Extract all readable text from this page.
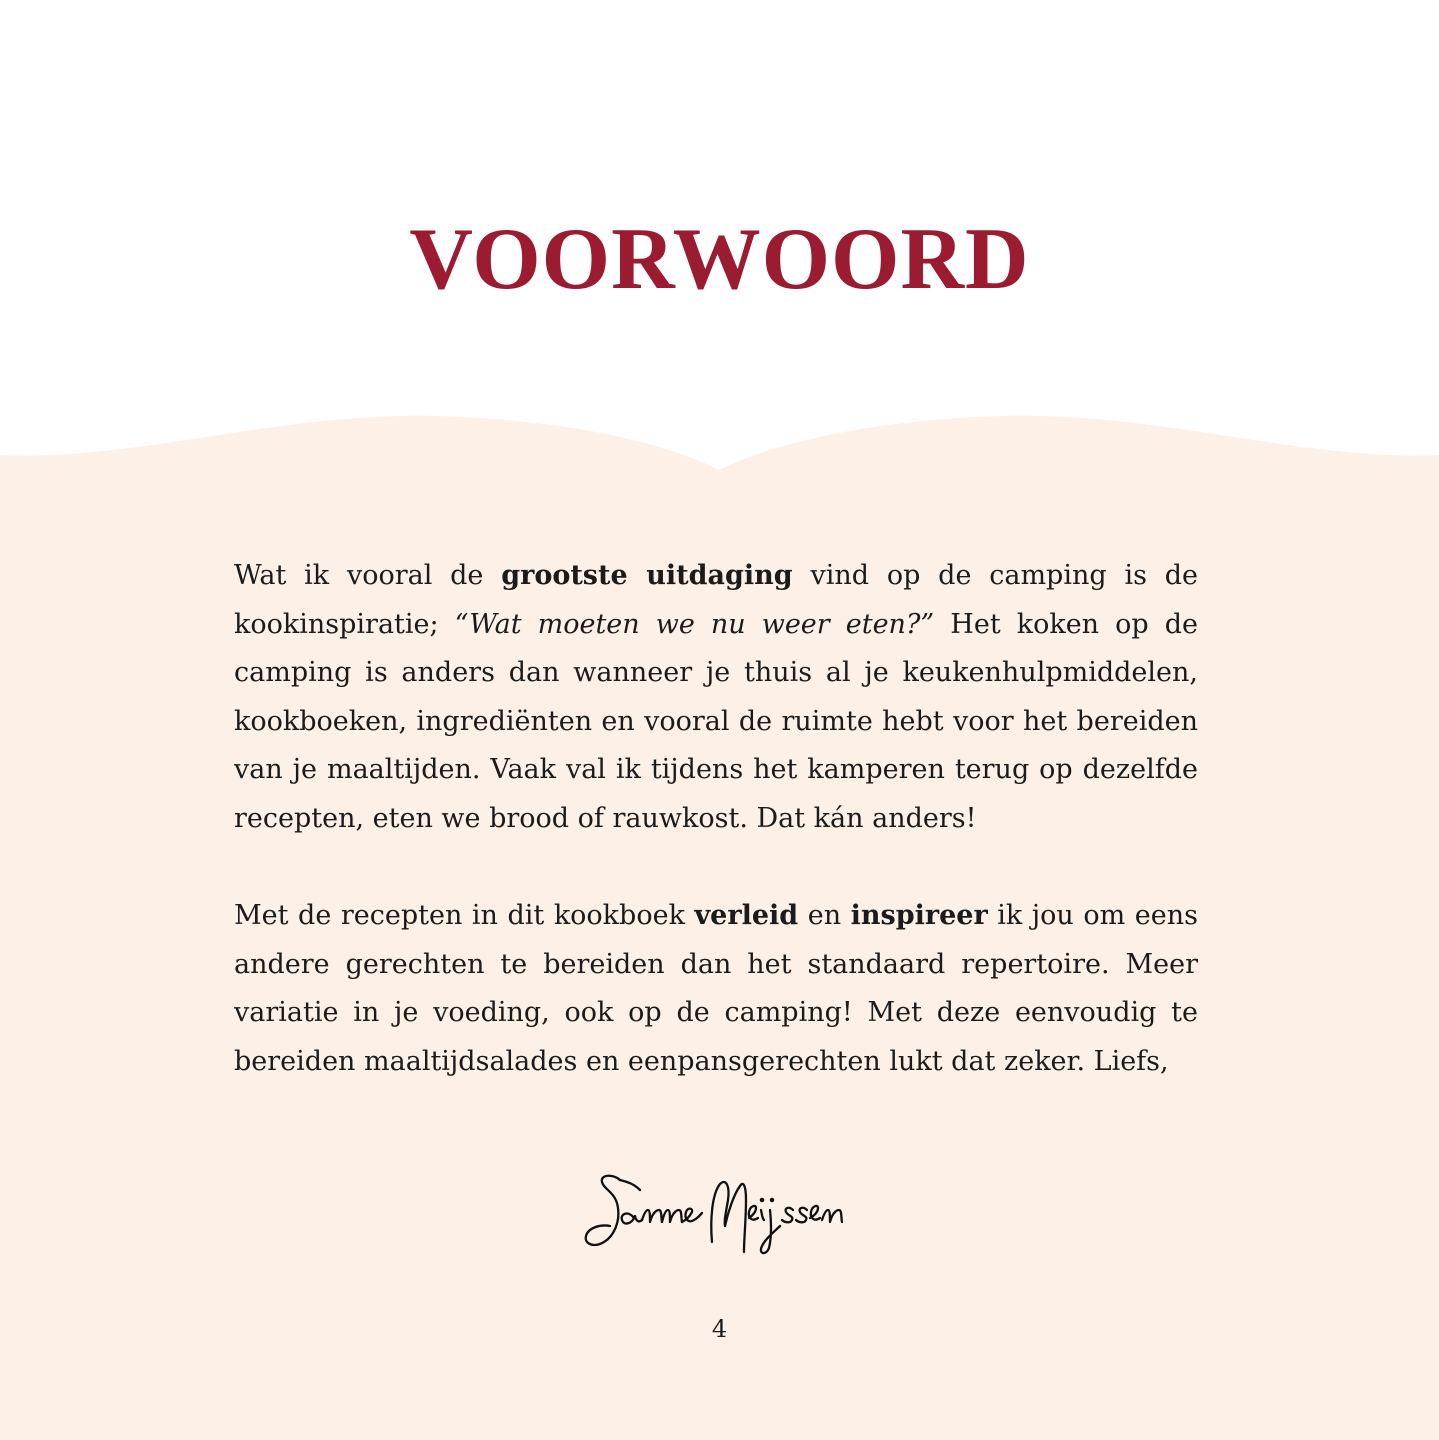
VOORWOORD

Wat ik vooral de grootste uitdaging vind op de camping is de kookinspiratie; “Wat moeten we nu weer eten?” Het koken op de camping is anders dan wanneer je thuis al je keukenhulpmiddelen, kookboeken, ingrediënten en vooral de ruimte hebt voor het bereiden van je maaltijden. Vaak val ik tijdens het kamperen terug op dezelfde recepten, eten we brood of rauwkost. Dat kán anders!

Met de recepten in dit kookboek verleid en inspireer ik jou om eens andere gerechten te bereiden dan het standaard repertoire. Meer variatie in je voeding, ook op de camping! Met deze eenvoudig te bereiden maaltijdsalades en eenpansgerechten lukt dat zeker. Liefs,

4
